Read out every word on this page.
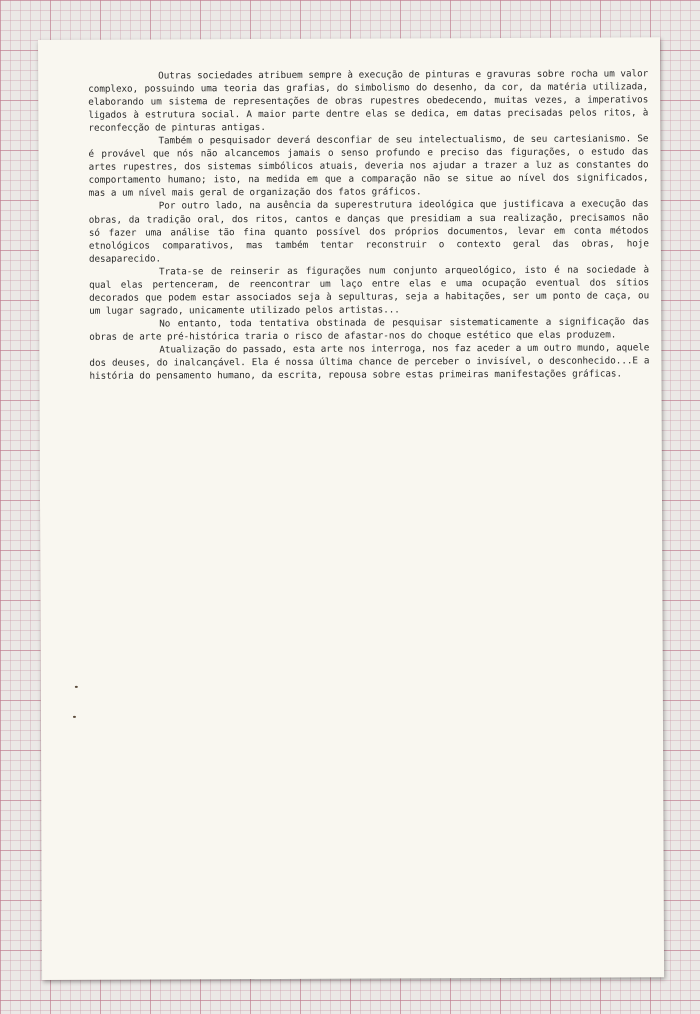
Outras sociedades atribuem sempre à execução de pinturas e gravuras sobre rocha um valor complexo, possuindo uma teoria das grafias, do simbolismo do desenho, da cor, da matéria utilizada, elaborando um sistema de representações de obras rupestres obedecendo, muitas vezes, a imperativos ligados à estrutura social. A maior parte dentre elas se dedica, em datas precisadas pelos ritos, à reconfecção de pinturas antigas.

Também o pesquisador deverá desconfiar de seu intelectualismo, de seu cartesianismo. Se é provável que nós não alcancemos jamais o senso profundo e preciso das figurações, o estudo das artes rupestres, dos sistemas simbólicos atuais, deveria nos ajudar a trazer a luz as constantes do comportamento humano; isto, na medida em que a comparação não se situe ao nível dos significados, mas a um nível mais geral de organização dos fatos gráficos.

Por outro lado, na ausência da superestrutura ideológica que justificava a execução das obras, da tradição oral, dos ritos, cantos e danças que presidiam a sua realização, precisamos não só fazer uma análise tão fina quanto possível dos próprios documentos, levar em conta métodos etnológicos comparativos, mas também tentar reconstruir o contexto geral das obras, hoje desaparecido.

Trata-se de reinserir as figurações num conjunto arqueológico, isto é na sociedade à qual elas pertenceram, de reencontrar um laço entre elas e uma ocupação eventual dos sítios decorados que podem estar associados seja à sepulturas, seja a habitações, ser um ponto de caça, ou um lugar sagrado, unicamente utilizado pelos artistas...

No entanto, toda tentativa obstinada de pesquisar sistematicamente a significação das obras de arte pré-histórica traria o risco de afastar-nos do choque estético que elas produzem.

Atualização do passado, esta arte nos interroga, nos faz aceder a um outro mundo, aquele dos deuses, do inalcançável. Ela é nossa última chance de perceber o invisível, o desconhecido...E a história do pensamento humano, da escrita, repousa sobre estas primeiras manifestações gráficas.
